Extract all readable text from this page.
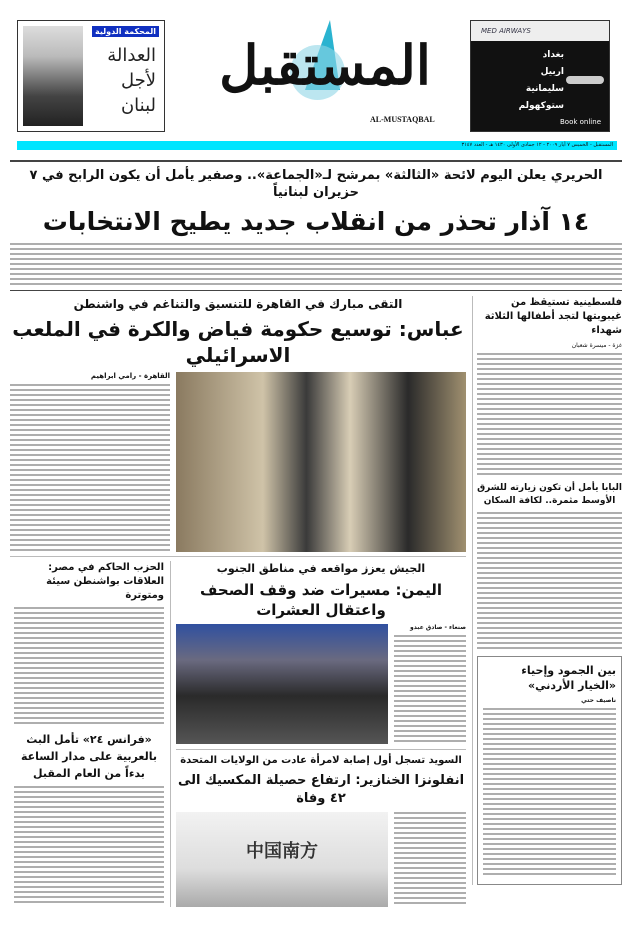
المحكمة الدولية
العدالة
لأجل
لبنان
المستقبل
AL-MUSTAQBAL
MED AIRWAYS
بغداد
اربيل
سليمانية
ستوكهولم
Book online
المستقبل - الخميس ٧ أيار ٢٠٠٩ - ١٢ جمادى الأولى ١٤٣٠ هـ - العدد ٣١٤٧
الحريري يعلن اليوم لائحة «الثالثة» بمرشح لـ«الجماعة».. وصفير يأمل أن يكون الرابح في ٧ حزيران لبنانياً
١٤ آذار تحذر من انقلاب جديد يطيح الانتخابات
فلسطينية تستيقظ من غيبوبتها لتجد أطفالها الثلاثة شهداء
غزة - ميسرة شعبان
البابا يأمل أن تكون زيارته للشرق الأوسط مثمرة.. لكافة السكان
بين الجمود وإحياء «الخيار الأردني»
ناصيف حتي
التقى مبارك في القاهرة للتنسيق والتناغم في واشنطن
عباس: توسيع حكومة فياض والكرة في الملعب الاسرائيلي
القاهرة - رامي ابراهيم
الجيش يعزز مواقعه في مناطق الجنوب
اليمن: مسيرات ضد وقف الصحف واعتقال العشرات
صنعاء - صادق عبدو
السويد تسجل أول إصابة لامرأة عادت من الولايات المتحدة
انفلونزا الخنازير: ارتفاع حصيلة المكسيك الى ٤٢ وفاة
中国南方
الحزب الحاكم في مصر: العلاقات بواشنطن سيئة ومتوترة
«فرانس ٢٤» تأمل البث بالعربية على مدار الساعة بدءاً من العام المقبل
